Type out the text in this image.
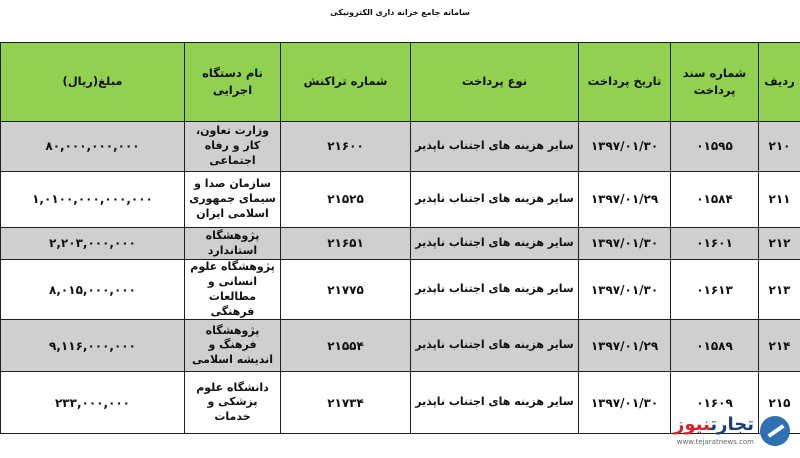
سامانه جامع خزانه داری الکترونیکی
ردیف	شماره سند پرداخت	تاریخ پرداخت	نوع پرداخت	شماره تراکنش	نام دستگاه اجرایی	مبلغ(ریال)
۲۱۰	۰۱۵۹۵	۱۳۹۷/۰۱/۳۰	سایر هزینه های اجتناب ناپذیر	۲۱۶۰۰	وزارت تعاون، کار و رفاه اجتماعی	۸۰,۰۰۰,۰۰۰,۰۰۰
۲۱۱	۰۱۵۸۴	۱۳۹۷/۰۱/۲۹	سایر هزینه های اجتناب ناپذیر	۲۱۵۲۵	سازمان صدا و سیمای جمهوری اسلامی ایران	۱,۰۱۰۰,۰۰۰,۰۰۰,۰۰۰
۲۱۲	۰۱۶۰۱	۱۳۹۷/۰۱/۳۰	سایر هزینه های اجتناب ناپذیر	۲۱۶۵۱	پژوهشگاه استاندارد	۲,۲۰۳,۰۰۰,۰۰۰
۲۱۳	۰۱۶۱۳	۱۳۹۷/۰۱/۳۰	سایر هزینه های اجتناب ناپذیر	۲۱۷۷۵	پژوهشگاه علوم انسانی و مطالعات فرهنگی	۸,۰۱۵,۰۰۰,۰۰۰
۲۱۴	۰۱۵۸۹	۱۳۹۷/۰۱/۲۹	سایر هزینه های اجتناب ناپذیر	۲۱۵۵۴	پژوهشگاه فرهنگ و اندیشه اسلامی	۹,۱۱۶,۰۰۰,۰۰۰
۲۱۵	۰۱۶۰۹	۱۳۹۷/۰۱/۳۰	سایر هزینه های اجتناب ناپذیر	۲۱۷۳۴	دانشگاه علوم پزشکی و خدمات	۲۳۳,۰۰۰,۰۰۰
تجارتنیوز
www.tejaratnews.com
